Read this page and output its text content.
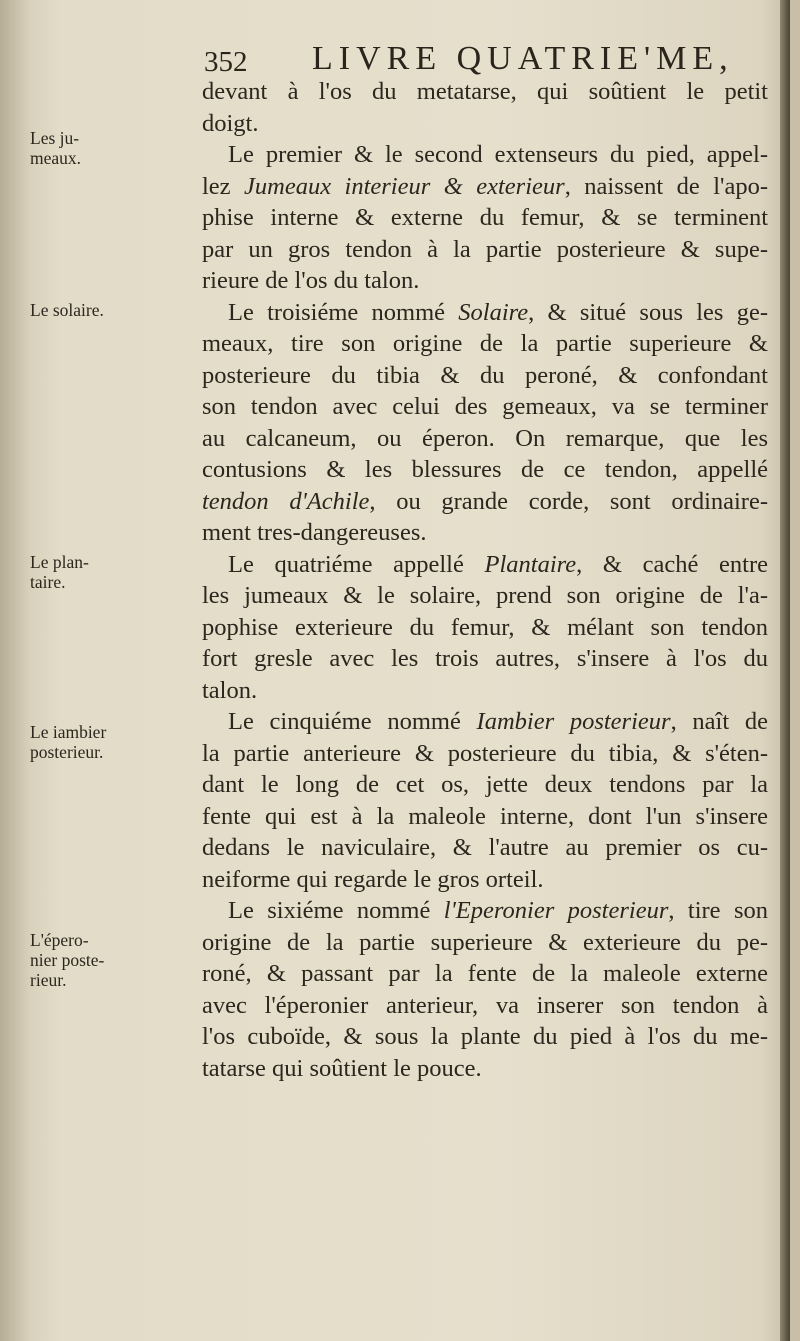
352 LIVRE QUATRIE'ME,
Les ju-
meaux.
Le solaire.
Le plan-
taire.
Le iambier
posterieur.
L'épero-
nier poste-
rieur.
devant à l'os du metatarse, qui soûtient le petit
doigt.
Le premier & le second extenseurs du pied, appel-
lez Jumeaux interieur & exterieur, naissent de l'apo-
phise interne & externe du femur, & se terminent
par un gros tendon à la partie posterieure & supe-
rieure de l'os du talon.
Le troisiéme nommé Solaire, & situé sous les ge-
meaux, tire son origine de la partie superieure &
posterieure du tibia & du peroné, & confondant
son tendon avec celui des gemeaux, va se terminer
au calcaneum, ou éperon. On remarque, que les
contusions & les blessures de ce tendon, appellé
tendon d'Achile, ou grande corde, sont ordinaire-
ment tres-dangereuses.
Le quatriéme appellé Plantaire, & caché entre
les jumeaux & le solaire, prend son origine de l'a-
pophise exterieure du femur, & mélant son tendon
fort gresle avec les trois autres, s'insere à l'os du
talon.
Le cinquiéme nommé Iambier posterieur, naît de
la partie anterieure & posterieure du tibia, & s'éten-
dant le long de cet os, jette deux tendons par la
fente qui est à la maleole interne, dont l'un s'insere
dedans le naviculaire, & l'autre au premier os cu-
neiforme qui regarde le gros orteil.
Le sixiéme nommé l'Eperonier posterieur, tire son
origine de la partie superieure & exterieure du pe-
roné, & passant par la fente de la maleole externe
avec l'éperonier anterieur, va inserer son tendon à
l'os cuboïde, & sous la plante du pied à l'os du me-
tatarse qui soûtient le pouce.
